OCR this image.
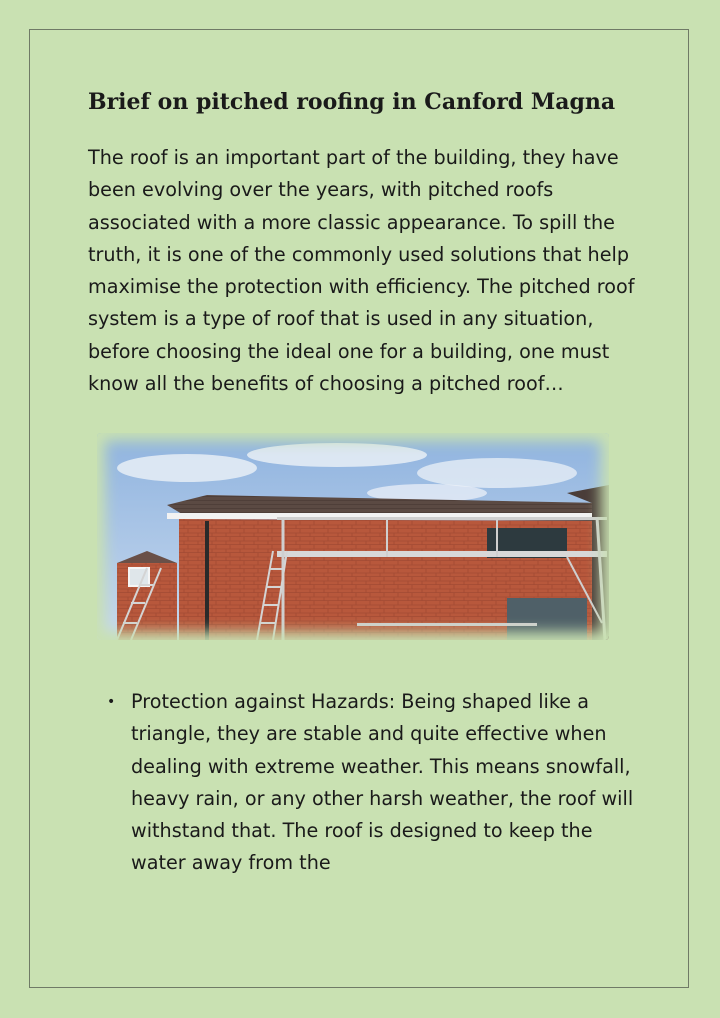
Brief on pitched roofing in Canford Magna

The roof is an important part of the building, they have been evolving over the years, with pitched roofs associated with a more classic appearance. To spill the truth, it is one of the commonly used solutions that help maximise the protection with efficiency. The pitched roof system is a type of roof that is used in any situation, before choosing the ideal one for a building, one must know all the benefits of choosing a pitched roof…

• Protection against Hazards: Being shaped like a triangle, they are stable and quite effective when dealing with extreme weather. This means snowfall, heavy rain, or any other harsh weather, the roof will withstand that. The roof is designed to keep the water away from the
